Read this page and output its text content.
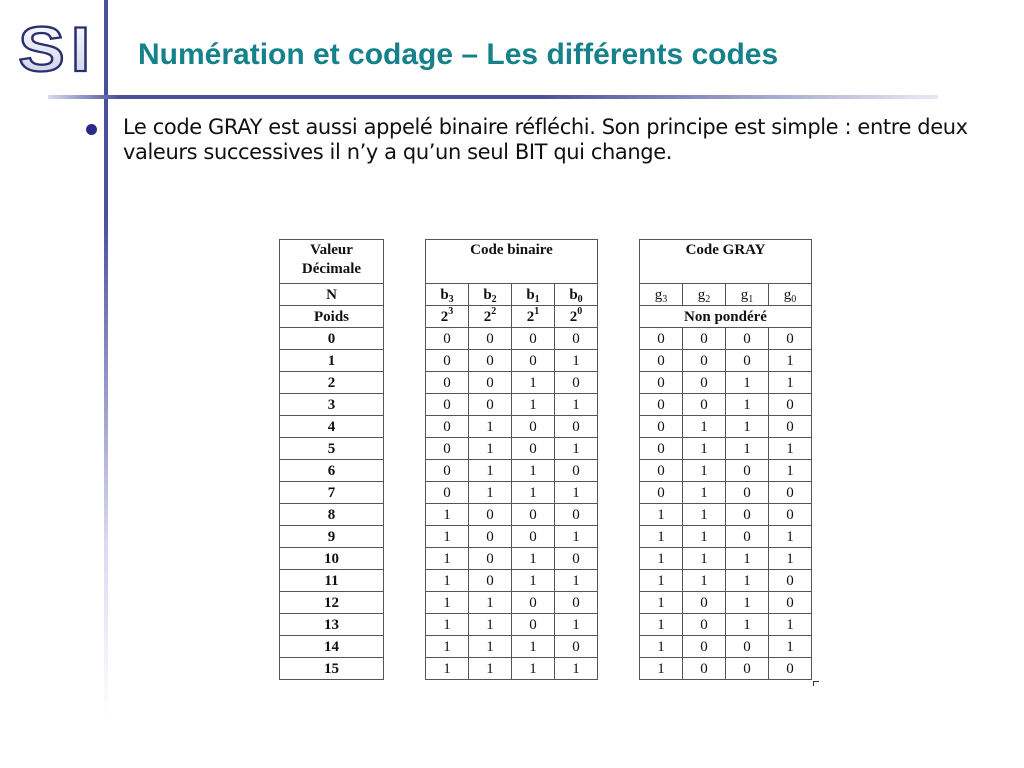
SI Numération et codage – Les différents codes

Le code GRAY est aussi appelé binaire réfléchi. Son principe est simple : entre deux valeurs successives il n’y a qu’un seul BIT qui change.

Valeur Décimale		Code binaire					Code GRAY			
N		$b_3$	$b_2$	$b_1$	$b_0$		$g_3$	$g_2$	$g_1$	$g_0$
Poids		$2^3$	$2^2$	$2^1$	$2^0$		Non pondéré			
0		0	0	0	0		0	0	0	0
1		0	0	0	1		0	0	0	1
2		0	0	1	0		0	0	1	1
3		0	0	1	1		0	0	1	0
4		0	1	0	0		0	1	1	0
5		0	1	0	1		0	1	1	1
6		0	1	1	0		0	1	0	1
7		0	1	1	1		0	1	0	0
8		1	0	0	0		1	1	0	0
9		1	0	0	1		1	1	0	1
10		1	0	1	0		1	1	1	1
11		1	0	1	1		1	1	1	0
12		1	1	0	0		1	0	1	0
13		1	1	0	1		1	0	1	1
14		1	1	1	0		1	0	0	1
15		1	1	1	1		1	0	0	0
